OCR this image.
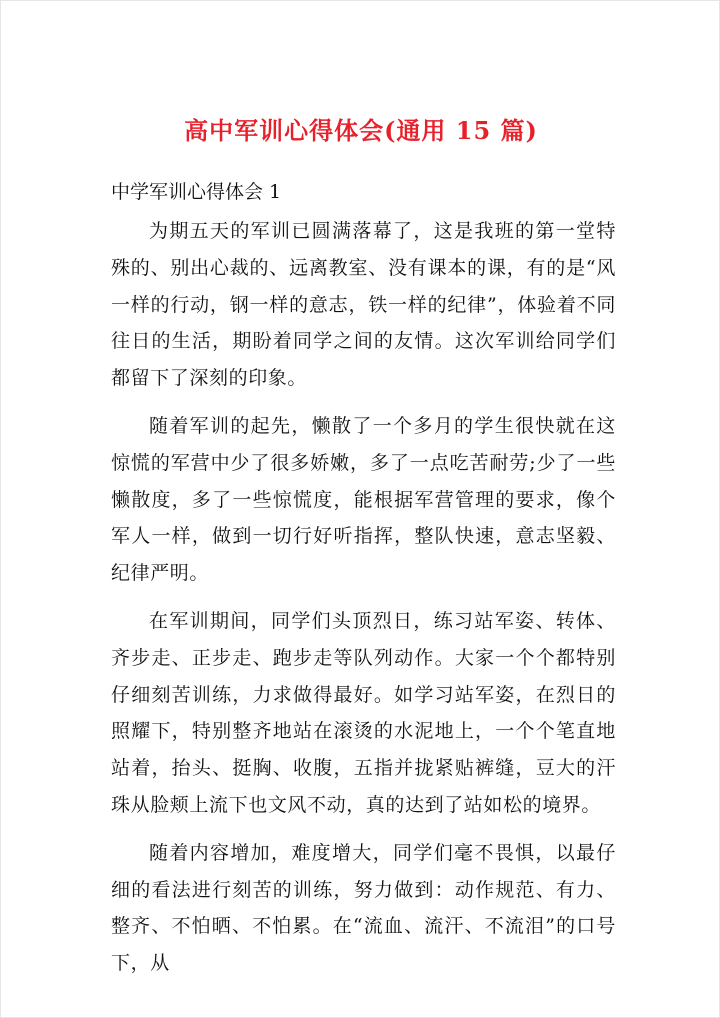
高中军训心得体会(通用 15 篇)
中学军训心得体会 1

为期五天的军训已圆满落幕了，这是我班的第一堂特殊的、别出心裁的、远离教室、没有课本的课，有的是“风一样的行动，钢一样的意志，铁一样的纪律”，体验着不同往日的生活，期盼着同学之间的友情。这次军训给同学们都留下了深刻的印象。

随着军训的起先，懒散了一个多月的学生很快就在这惊慌的军营中少了很多娇嫩，多了一点吃苦耐劳;少了一些懒散度，多了一些惊慌度，能根据军营管理的要求，像个军人一样，做到一切行好听指挥，整队快速，意志坚毅、纪律严明。

在军训期间，同学们头顶烈日，练习站军姿、转体、齐步走、正步走、跑步走等队列动作。大家一个个都特别仔细刻苦训练，力求做得最好。如学习站军姿，在烈日的照耀下，特别整齐地站在滚烫的水泥地上，一个个笔直地站着，抬头、挺胸、收腹，五指并拢紧贴裤缝，豆大的汗珠从脸颊上流下也文风不动，真的达到了站如松的境界。

随着内容增加，难度增大，同学们毫不畏惧，以最仔细的看法进行刻苦的训练，努力做到：动作规范、有力、整齐、不怕晒、不怕累。在“流血、流汗、不流泪”的口号下，从
